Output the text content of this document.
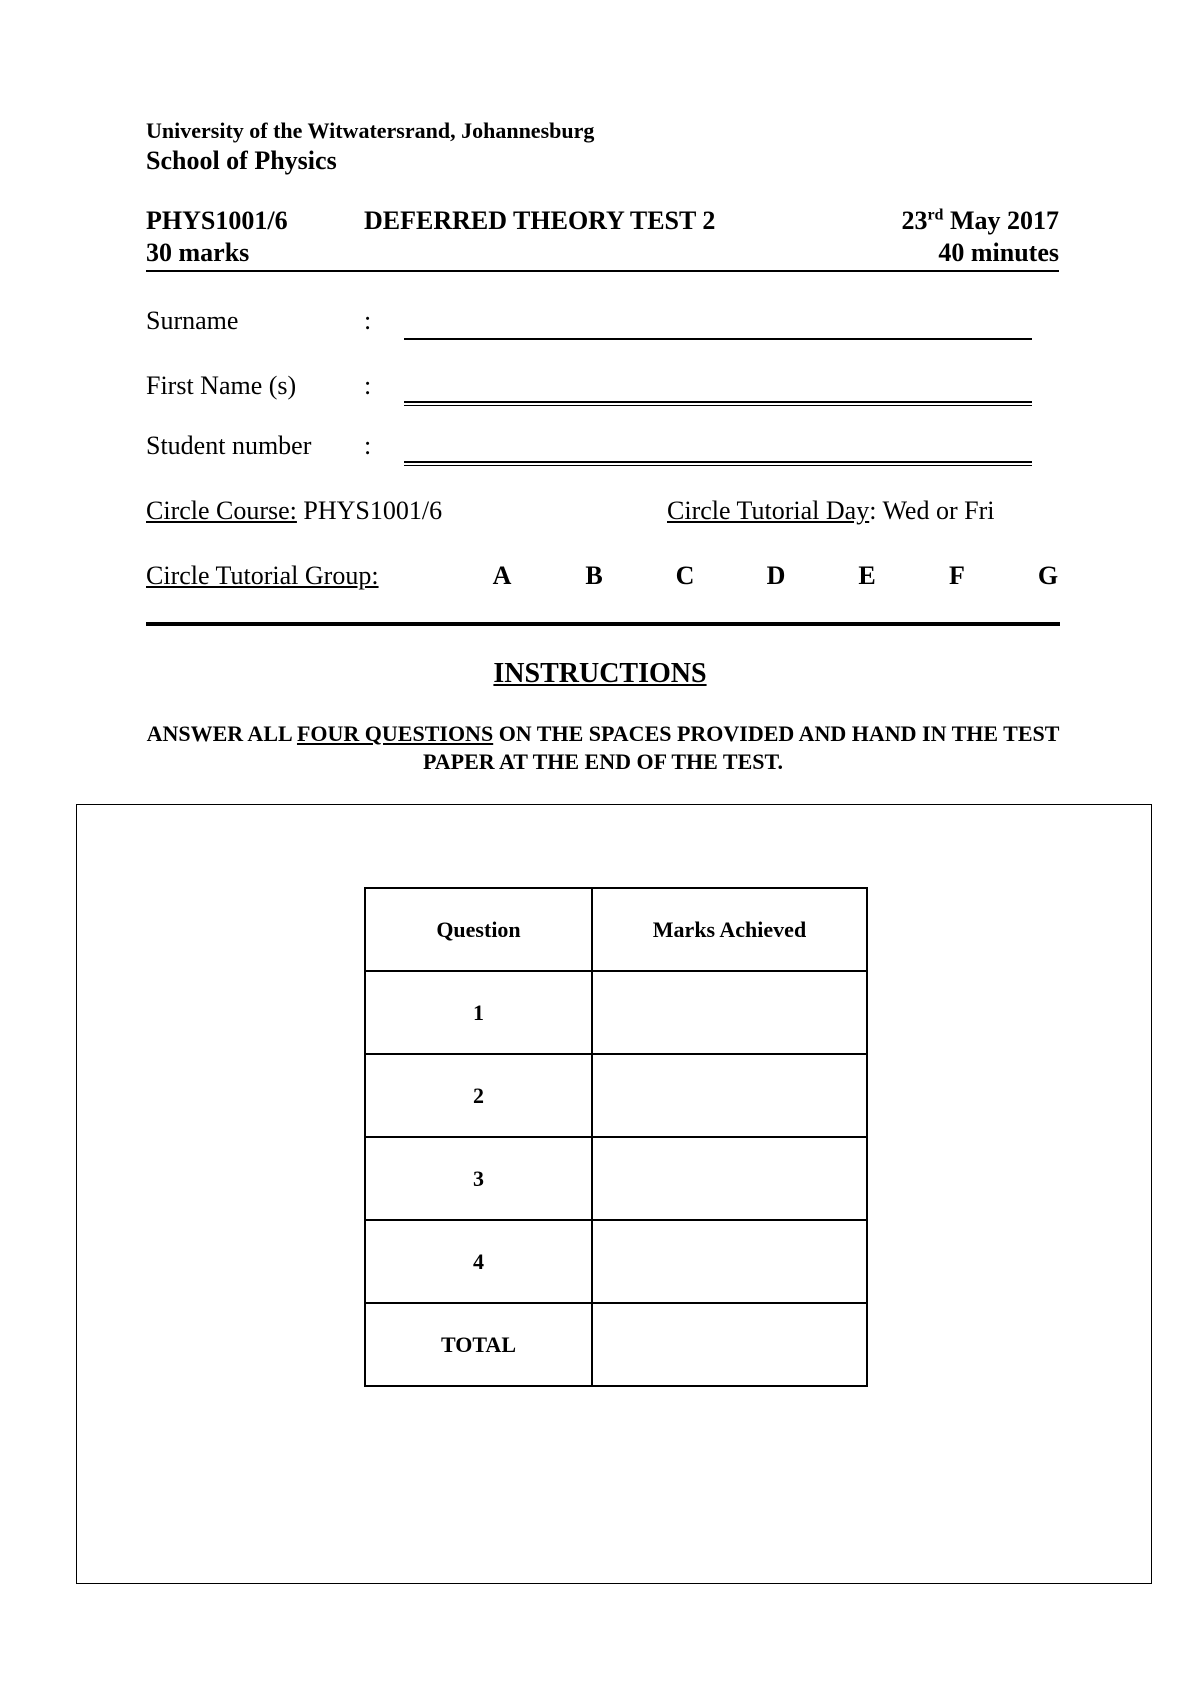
University of the Witwatersrand, Johannesburg
School of Physics
PHYS1001/6	DEFERRED THEORY TEST 2	23rd May 2017
30 marks	40 minutes
Surname	:
First Name (s)	:
Student number :
Circle Course: PHYS1001/6	Circle Tutorial Day: Wed or Fri
Circle Tutorial Group:	A	B	C	D	E	F	G
INSTRUCTIONS
ANSWER ALL FOUR QUESTIONS ON THE SPACES PROVIDED AND HAND IN THE TEST PAPER AT THE END OF THE TEST.
Question	Marks Achieved
1	
2	
3	
4	
TOTAL	
